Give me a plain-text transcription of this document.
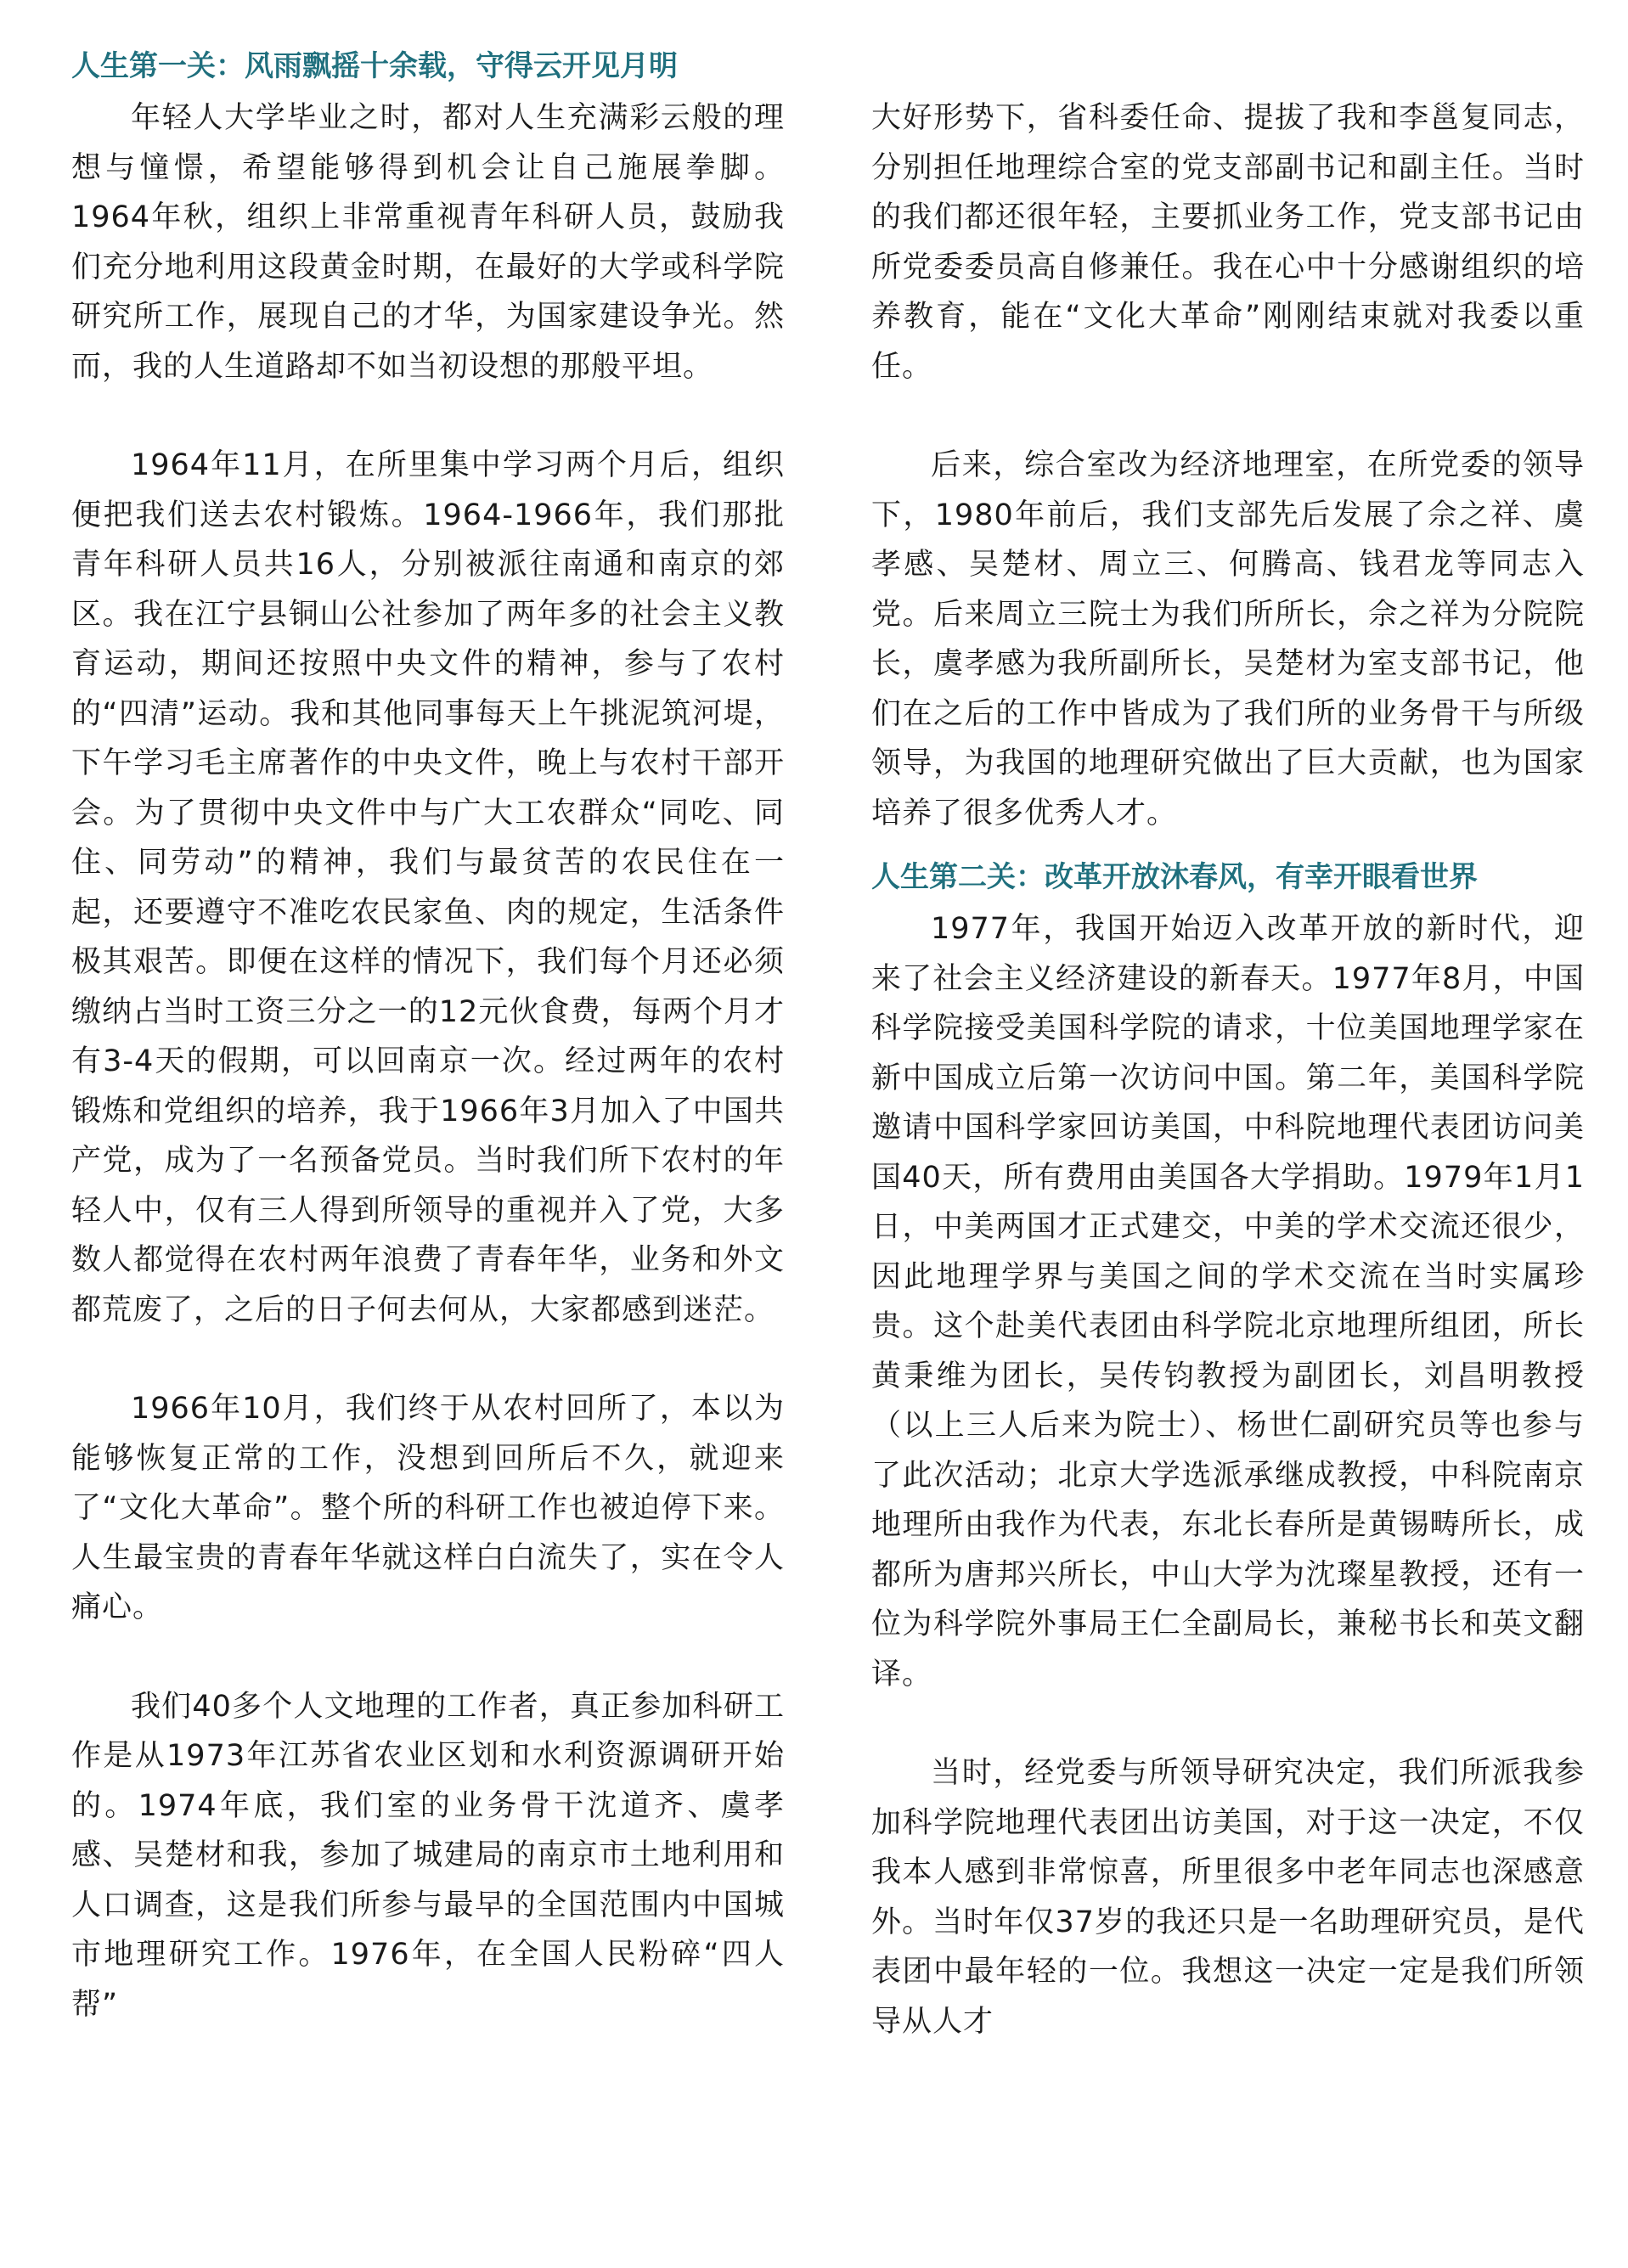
人生第一关：风雨飘摇十余载，守得云开见月明

年轻人大学毕业之时，都对人生充满彩云般的理想与憧憬，希望能够得到机会让自己施展拳脚。1964年秋，组织上非常重视青年科研人员，鼓励我们充分地利用这段黄金时期，在最好的大学或科学院研究所工作，展现自己的才华，为国家建设争光。然而，我的人生道路却不如当初设想的那般平坦。

1964年11月，在所里集中学习两个月后，组织便把我们送去农村锻炼。1964-1966年，我们那批青年科研人员共16人，分别被派往南通和南京的郊区。我在江宁县铜山公社参加了两年多的社会主义教育运动，期间还按照中央文件的精神，参与了农村的“四清”运动。我和其他同事每天上午挑泥筑河堤，下午学习毛主席著作的中央文件，晚上与农村干部开会。为了贯彻中央文件中与广大工农群众“同吃、同住、同劳动”的精神，我们与最贫苦的农民住在一起，还要遵守不准吃农民家鱼、肉的规定，生活条件极其艰苦。即便在这样的情况下，我们每个月还必须缴纳占当时工资三分之一的12元伙食费，每两个月才有3-4天的假期，可以回南京一次。经过两年的农村锻炼和党组织的培养，我于1966年3月加入了中国共产党，成为了一名预备党员。当时我们所下农村的年轻人中，仅有三人得到所领导的重视并入了党，大多数人都觉得在农村两年浪费了青春年华，业务和外文都荒废了，之后的日子何去何从，大家都感到迷茫。

1966年10月，我们终于从农村回所了，本以为能够恢复正常的工作，没想到回所后不久，就迎来了“文化大革命”。整个所的科研工作也被迫停下来。人生最宝贵的青春年华就这样白白流失了，实在令人痛心。

我们40多个人文地理的工作者，真正参加科研工作是从1973年江苏省农业区划和水利资源调研开始的。1974年底，我们室的业务骨干沈道齐、虞孝感、吴楚材和我，参加了城建局的南京市土地利用和人口调查，这是我们所参与最早的全国范围内中国城市地理研究工作。1976年，在全国人民粉碎“四人帮”

大好形势下，省科委任命、提拔了我和李邕复同志，分别担任地理综合室的党支部副书记和副主任。当时的我们都还很年轻，主要抓业务工作，党支部书记由所党委委员高自修兼任。我在心中十分感谢组织的培养教育，能在“文化大革命”刚刚结束就对我委以重任。

后来，综合室改为经济地理室，在所党委的领导下，1980年前后，我们支部先后发展了佘之祥、虞孝感、吴楚材、周立三、何腾高、钱君龙等同志入党。后来周立三院士为我们所所长，佘之祥为分院院长，虞孝感为我所副所长，吴楚材为室支部书记，他们在之后的工作中皆成为了我们所的业务骨干与所级领导，为我国的地理研究做出了巨大贡献，也为国家培养了很多优秀人才。

人生第二关：改革开放沐春风，有幸开眼看世界

1977年，我国开始迈入改革开放的新时代，迎来了社会主义经济建设的新春天。1977年8月，中国科学院接受美国科学院的请求，十位美国地理学家在新中国成立后第一次访问中国。第二年，美国科学院邀请中国科学家回访美国，中科院地理代表团访问美国40天，所有费用由美国各大学捐助。1979年1月1日，中美两国才正式建交，中美的学术交流还很少，因此地理学界与美国之间的学术交流在当时实属珍贵。这个赴美代表团由科学院北京地理所组团，所长黄秉维为团长，吴传钧教授为副团长，刘昌明教授（以上三人后来为院士）、杨世仁副研究员等也参与了此次活动；北京大学选派承继成教授，中科院南京地理所由我作为代表，东北长春所是黄锡畴所长，成都所为唐邦兴所长，中山大学为沈璨星教授，还有一位为科学院外事局王仁全副局长，兼秘书长和英文翻译。

当时，经党委与所领导研究决定，我们所派我参加科学院地理代表团出访美国，对于这一决定，不仅我本人感到非常惊喜，所里很多中老年同志也深感意外。当时年仅37岁的我还只是一名助理研究员，是代表团中最年轻的一位。我想这一决定一定是我们所领导从人才
